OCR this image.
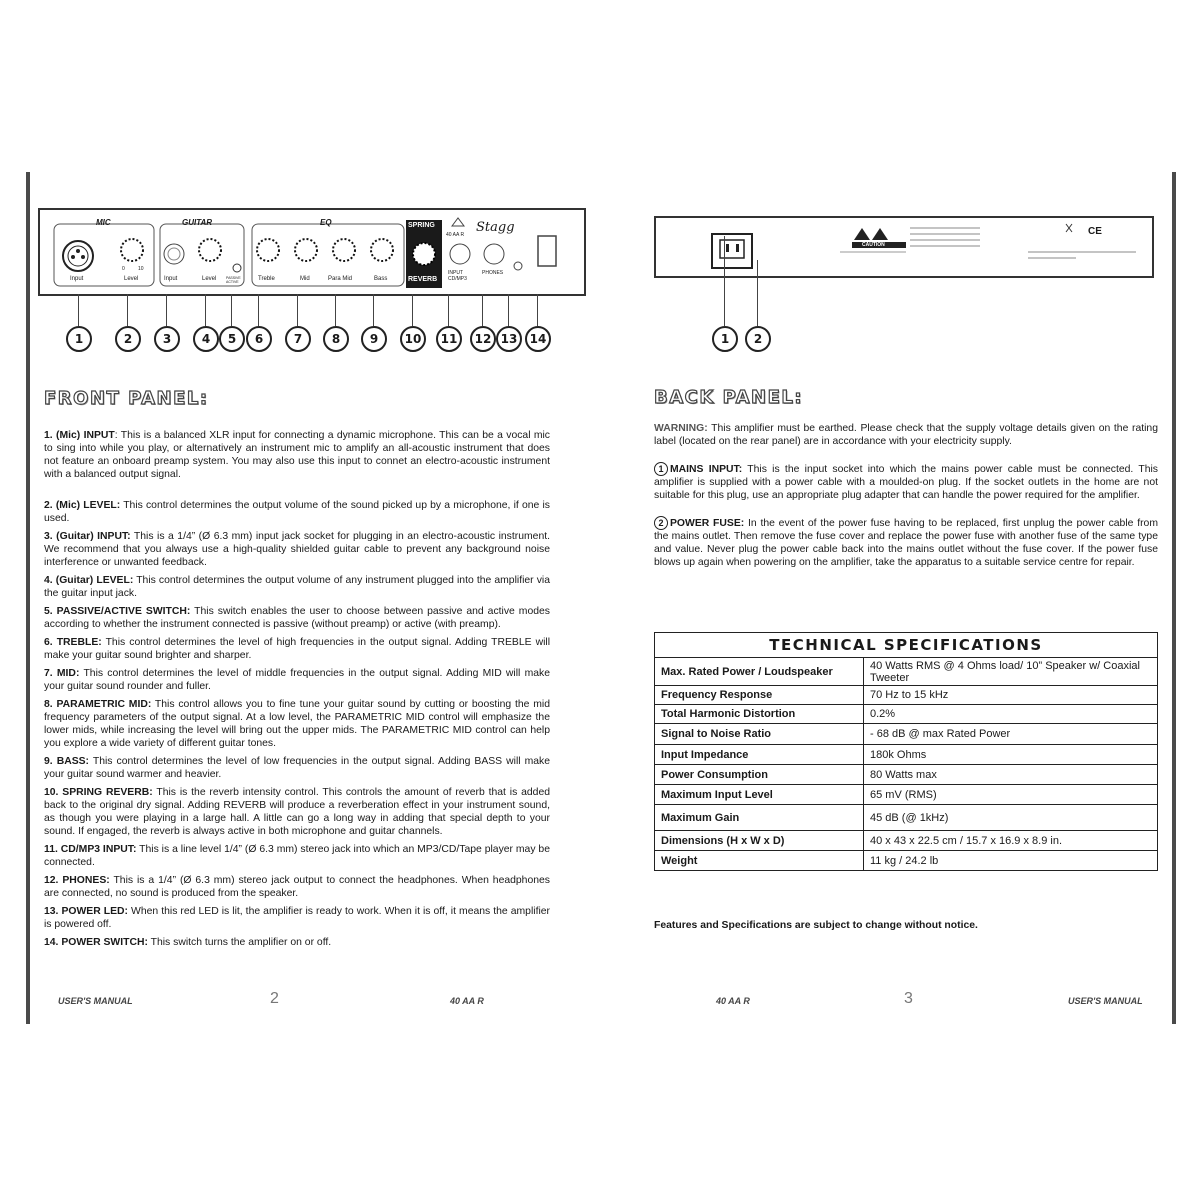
MIC	GUITAR	EQ	SPRING
REVERB
40 AA R Stagg
Input	Level	Input	Level	PASSIVE ACTIVE	Treble	Mid	Para Mid	Bass
INPUT CD/MP3
PHONES
0	10
1	2	3	4	5	6	7	8	9	10	11	12 13	14
FRONT PANEL:

1. (Mic) INPUT: This is a balanced XLR input for connecting a dynamic microphone. This can be a vocal mic to sing into while you play, or alternatively an instrument mic to amplify an all-acoustic instrument that does not feature an onboard preamp system. You may also use this input to connet an electro-acoustic instrument with a balanced output signal.

2. (Mic) LEVEL: This control determines the output volume of the sound picked up by a microphone, if one is used.

3. (Guitar) INPUT: This is a 1/4” (Ø 6.3 mm) input jack socket for plugging in an electro-acoustic instrument. We recommend that you always use a high-quality shielded guitar cable to prevent any background noise interference or unwanted feedback.

4. (Guitar) LEVEL: This control determines the output volume of any instrument plugged into the amplifier via the guitar input jack.

5. PASSIVE/ACTIVE SWITCH: This switch enables the user to choose between passive and active modes according to whether the instrument connected is passive (without preamp) or active (with preamp).

6. TREBLE: This control determines the level of high frequencies in the output signal. Adding TREBLE will make your guitar sound brighter and sharper.

7. MID: This control determines the level of middle frequencies in the output signal. Adding MID will make your guitar sound rounder and fuller.

8. PARAMETRIC MID: This control allows you to fine tune your guitar sound by cutting or boosting the mid frequency parameters of the output signal. At a low level, the PARAMETRIC MID control will emphasize the lower mids, while increasing the level will bring out the upper mids. The PARAMETRIC MID control can help you explore a wide variety of different guitar tones.

9. BASS: This control determines the level of low frequencies in the output signal. Adding BASS will make your guitar sound warmer and heavier.

10. SPRING REVERB: This is the reverb intensity control. This controls the amount of reverb that is added back to the original dry signal. Adding REVERB will produce a reverberation effect in your instrument sound, as though you were playing in a large hall. A little can go a long way in adding that special depth to your sound. If engaged, the reverb is always active in both microphone and guitar channels.

11. CD/MP3 INPUT: This is a line level 1/4” (Ø 6.3 mm) stereo jack into which an MP3/CD/Tape player may be connected.

12. PHONES: This is a 1/4” (Ø 6.3 mm) stereo jack output to connect the headphones. When headphones are connected, no sound is produced from the speaker.

13. POWER LED: When this red LED is lit, the amplifier is ready to work. When it is off, it means the amplifier is powered off.

14. POWER SWITCH: This switch turns the amplifier on or off.

USER'S MANUAL	2	40 AA R
CAUTION
CE
1	2
BACK PANEL:

WARNING: This amplifier must be earthed. Please check that the supply voltage details given on the rating label (located on the rear panel) are in accordance with your electricity supply.

1 MAINS INPUT: This is the input socket into which the mains power cable must be connected. This amplifier is supplied with a power cable with a moulded-on plug. If the socket outlets in the home are not suitable for this plug, use an appropriate plug adapter that can handle the power required for the amplifier.

2 POWER FUSE: In the event of the power fuse having to be replaced, first unplug the power cable from the mains outlet. Then remove the fuse cover and replace the power fuse with another fuse of the same type and value. Never plug the power cable back into the mains outlet without the fuse cover. If the power fuse blows up again when powering on the amplifier, take the apparatus to a suitable service centre for repair.

TECHNICAL SPECIFICATIONS	
Max. Rated Power / Loudspeaker	40 Watts RMS @ 4 Ohms load/ 10” Speaker w/ Coaxial Tweeter
Frequency Response	70 Hz to 15 kHz
Total Harmonic Distortion	0.2%
Signal to Noise Ratio	- 68 dB @ max Rated Power
Input Impedance	180k Ohms
Power Consumption	80 Watts max
Maximum Input Level	65 mV (RMS)
Maximum Gain	45 dB (@ 1kHz)
Dimensions (H x W x D)	40 x 43 x 22.5 cm / 15.7 x 16.9 x 8.9 in.
Weight	11 kg / 24.2 lb

Features and Specifications are subject to change without notice.

40 AA R	3	USER'S MANUAL
